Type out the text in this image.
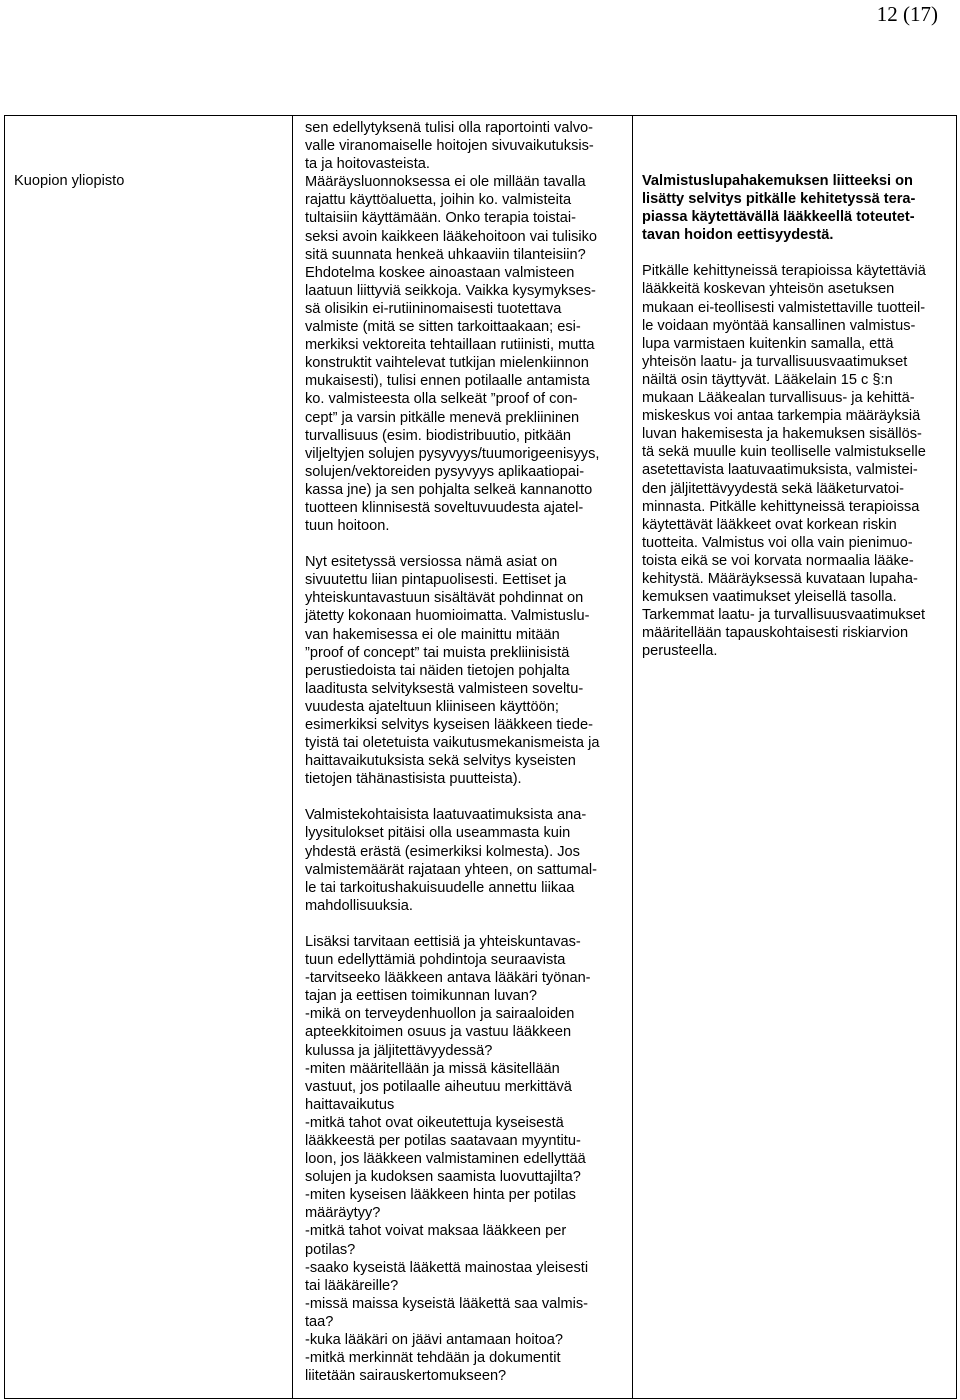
12 (17)
Kuopion yliopisto
sen edellytyksenä tulisi olla raportointi valvo-
valle viranomaiselle hoitojen sivuvaikutuksis-
ta ja hoitovasteista.
Määräysluonnoksessa ei ole millään tavalla
rajattu käyttöaluetta, joihin ko. valmisteita
tultaisiin käyttämään. Onko terapia toistai-
seksi avoin kaikkeen lääkehoitoon vai tulisiko
sitä suunnata henkeä uhkaaviin tilanteisiin?
Ehdotelma koskee ainoastaan valmisteen
laatuun liittyviä seikkoja. Vaikka kysymykses-
sä olisikin ei-rutiininomaisesti tuotettava
valmiste (mitä se sitten tarkoittaakaan; esi-
merkiksi vektoreita tehtaillaan rutiinisti, mutta
konstruktit vaihtelevat tutkijan mielenkiinnon
mukaisesti), tulisi ennen potilaalle antamista
ko. valmisteesta olla selkeät ”proof of con-
cept” ja varsin pitkälle menevä prekliininen
turvallisuus (esim. biodistribuutio, pitkään
viljeltyjen solujen pysyvyys/tuumorigeenisyys,
solujen/vektoreiden pysyvyys aplikaatiopai-
kassa jne) ja sen pohjalta selkeä kannanotto
tuotteen klinnisestä soveltuvuudesta ajatel-
tuun hoitoon.
Nyt esitetyssä versiossa nämä asiat on
sivuutettu liian pintapuolisesti. Eettiset ja
yhteiskuntavastuun sisältävät pohdinnat on
jätetty kokonaan huomioimatta. Valmistuslu-
van hakemisessa ei ole mainittu mitään
”proof of concept” tai muista prekliinisistä
perustiedoista tai näiden tietojen pohjalta
laaditusta selvityksestä valmisteen soveltu-
vuudesta ajateltuun kliiniseen käyttöön;
esimerkiksi selvitys kyseisen lääkkeen tiede-
tyistä tai oletetuista vaikutusmekanismeista ja
haittavaikutuksista sekä selvitys kyseisten
tietojen tähänastisista puutteista).
Valmistekohtaisista laatuvaatimuksista ana-
lyysitulokset pitäisi olla useammasta kuin
yhdestä erästä (esimerkiksi kolmesta). Jos
valmistemäärät rajataan yhteen, on sattumal-
le tai tarkoitushakuisuudelle annettu liikaa
mahdollisuuksia.
Lisäksi tarvitaan eettisiä ja yhteiskuntavas-
tuun edellyttämiä pohdintoja seuraavista
-tarvitseeko lääkkeen antava lääkäri työnan-
tajan ja eettisen toimikunnan luvan?
-mikä on terveydenhuollon ja sairaaloiden
apteekkitoimen osuus ja vastuu lääkkeen
kulussa ja jäljitettävyydessä?
-miten määritellään ja missä käsitellään
vastuut, jos potilaalle aiheutuu merkittävä
haittavaikutus
-mitkä tahot ovat oikeutettuja kyseisestä
lääkkeestä per potilas saatavaan myyntitu-
loon, jos lääkkeen valmistaminen edellyttää
solujen ja kudoksen saamista luovuttajilta?
-miten kyseisen lääkkeen hinta per potilas
määräytyy?
-mitkä tahot voivat maksaa lääkkeen per
potilas?
-saako kyseistä lääkettä mainostaa yleisesti
tai lääkäreille?
-missä maissa kyseistä lääkettä saa valmis-
taa?
-kuka lääkäri on jäävi antamaan hoitoa?
-mitkä merkinnät tehdään ja dokumentit
liitetään sairauskertomukseen?
Valmistuslupahakemuksen liitteeksi on
lisätty selvitys pitkälle kehitetyssä tera-
piassa käytettävällä lääkkeellä toteutet-
tavan hoidon eettisyydestä.
Pitkälle kehittyneissä terapioissa käytettäviä
lääkkeitä koskevan yhteisön asetuksen
mukaan ei-teollisesti valmistettaville tuotteil-
le voidaan myöntää kansallinen valmistus-
lupa varmistaen kuitenkin samalla, että
yhteisön laatu- ja turvallisuusvaatimukset
näiltä osin täyttyvät. Lääkelain 15 c §:n
mukaan Lääkealan turvallisuus- ja kehittä-
miskeskus voi antaa tarkempia määräyksiä
luvan hakemisesta ja hakemuksen sisällös-
tä sekä muulle kuin teolliselle valmistukselle
asetettavista laatuvaatimuksista, valmistei-
den jäljitettävyydestä sekä lääketurvatoi-
minnasta. Pitkälle kehittyneissä terapioissa
käytettävät lääkkeet ovat korkean riskin
tuotteita. Valmistus voi olla vain pienimuo-
toista eikä se voi korvata normaalia lääke-
kehitystä. Määräyksessä kuvataan lupaha-
kemuksen vaatimukset yleisellä tasolla.
Tarkemmat laatu- ja turvallisuusvaatimukset
määritellään tapauskohtaisesti riskiarvion
perusteella.
